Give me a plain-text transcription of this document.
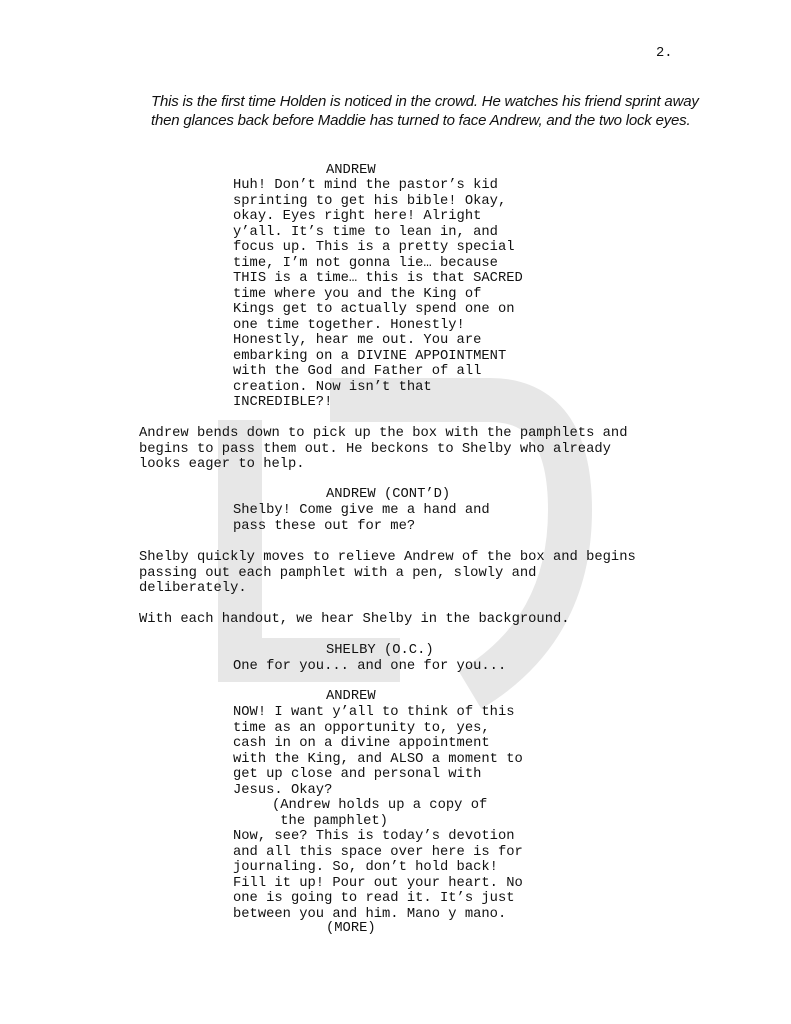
2.
This is the first time Holden is noticed in the crowd. He watches his friend sprint away then glances back before Maddie has turned to face Andrew, and the two lock eyes.
ANDREW
Huh! Don’t mind the pastor’s kid
sprinting to get his bible! Okay,
okay. Eyes right here! Alright
y’all. It’s time to lean in, and
focus up. This is a pretty special
time, I’m not gonna lie… because
THIS is a time… this is that SACRED
time where you and the King of
Kings get to actually spend one on
one time together. Honestly!
Honestly, hear me out. You are
embarking on a DIVINE APPOINTMENT
with the God and Father of all
creation. Now isn’t that
INCREDIBLE?!
Andrew bends down to pick up the box with the pamphlets and
begins to pass them out. He beckons to Shelby who already
looks eager to help.
ANDREW (CONT’D)
Shelby! Come give me a hand and
pass these out for me?
Shelby quickly moves to relieve Andrew of the box and begins
passing out each pamphlet with a pen, slowly and
deliberately.
With each handout, we hear Shelby in the background.
SHELBY (O.C.)
One for you... and one for you...
ANDREW
NOW! I want y’all to think of this
time as an opportunity to, yes,
cash in on a divine appointment
with the King, and ALSO a moment to
get up close and personal with
Jesus. Okay?
(Andrew holds up a copy of
the pamphlet)
Now, see? This is today’s devotion
and all this space over here is for
journaling. So, don’t hold back!
Fill it up! Pour out your heart. No
one is going to read it. It’s just
between you and him. Mano y mano.
(MORE)
